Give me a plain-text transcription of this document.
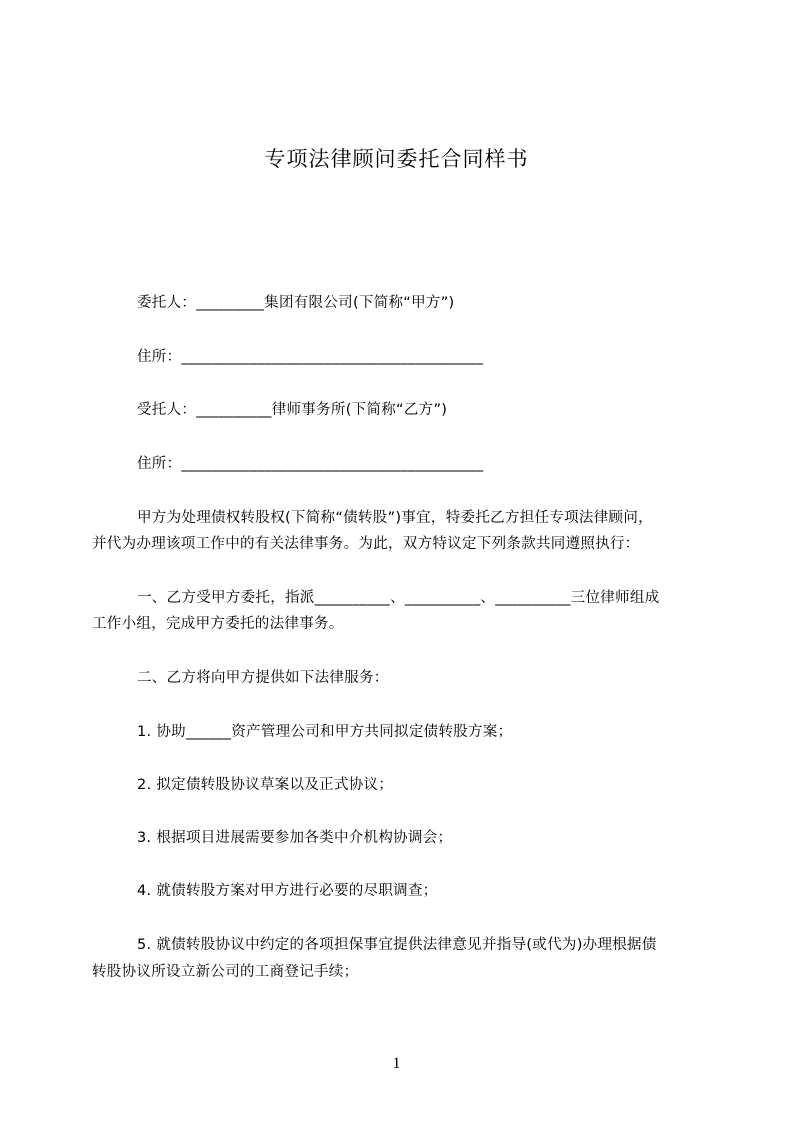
专项法律顾问委托合同样书
委托人：_________集团有限公司(下简称“甲方”)
住所：________________________________________
受托人：__________律师事务所(下简称“乙方”)
住所：________________________________________
甲方为处理债权转股权(下简称“债转股”)事宜，特委托乙方担任专项法律顾问，
并代为办理该项工作中的有关法律事务。为此，双方特议定下列条款共同遵照执行：
一、乙方受甲方委托，指派__________、__________、__________三位律师组成
工作小组，完成甲方委托的法律事务。
二、乙方将向甲方提供如下法律服务：
1. 协助______资产管理公司和甲方共同拟定债转股方案；
2. 拟定债转股协议草案以及正式协议；
3. 根据项目进展需要参加各类中介机构协调会；
4. 就债转股方案对甲方进行必要的尽职调查；
5. 就债转股协议中约定的各项担保事宜提供法律意见并指导(或代为)办理根据债
转股协议所设立新公司的工商登记手续；
1
